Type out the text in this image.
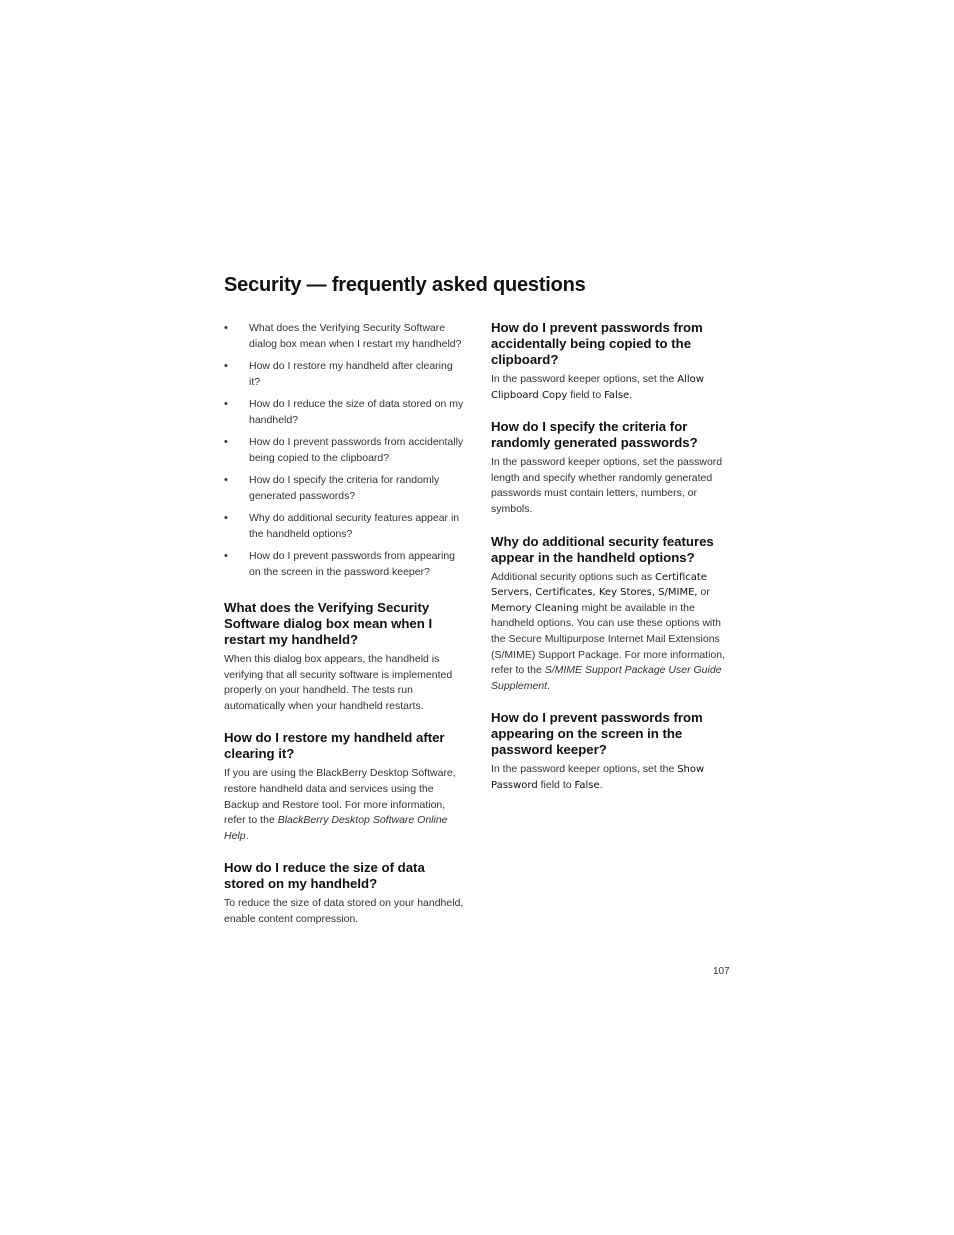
Security — frequently asked questions
• What does the Verifying Security Software dialog box mean when I restart my handheld?
• How do I restore my handheld after clearing it?
• How do I reduce the size of data stored on my handheld?
• How do I prevent passwords from accidentally being copied to the clipboard?
• How do I specify the criteria for randomly generated passwords?
• Why do additional security features appear in the handheld options?
• How do I prevent passwords from appearing on the screen in the password keeper?
What does the Verifying Security Software dialog box mean when I restart my handheld?

When this dialog box appears, the handheld is verifying that all security software is implemented properly on your handheld. The tests run automatically when your handheld restarts.

How do I restore my handheld after clearing it?

If you are using the BlackBerry Desktop Software, restore handheld data and services using the Backup and Restore tool. For more information, refer to the BlackBerry Desktop Software Online Help.

How do I reduce the size of data stored on my handheld?

To reduce the size of data stored on your handheld, enable content compression.

How do I prevent passwords from accidentally being copied to the clipboard?

In the password keeper options, set the Allow Clipboard Copy field to False.

How do I specify the criteria for randomly generated passwords?

In the password keeper options, set the password length and specify whether randomly generated passwords must contain letters, numbers, or symbols.

Why do additional security features appear in the handheld options?

Additional security options such as Certificate Servers, Certificates, Key Stores, S/MIME, or Memory Cleaning might be available in the handheld options. You can use these options with the Secure Multipurpose Internet Mail Extensions (S/MIME) Support Package. For more information, refer to the S/MIME Support Package User Guide Supplement.

How do I prevent passwords from appearing on the screen in the password keeper?

In the password keeper options, set the Show Password field to False.

107
